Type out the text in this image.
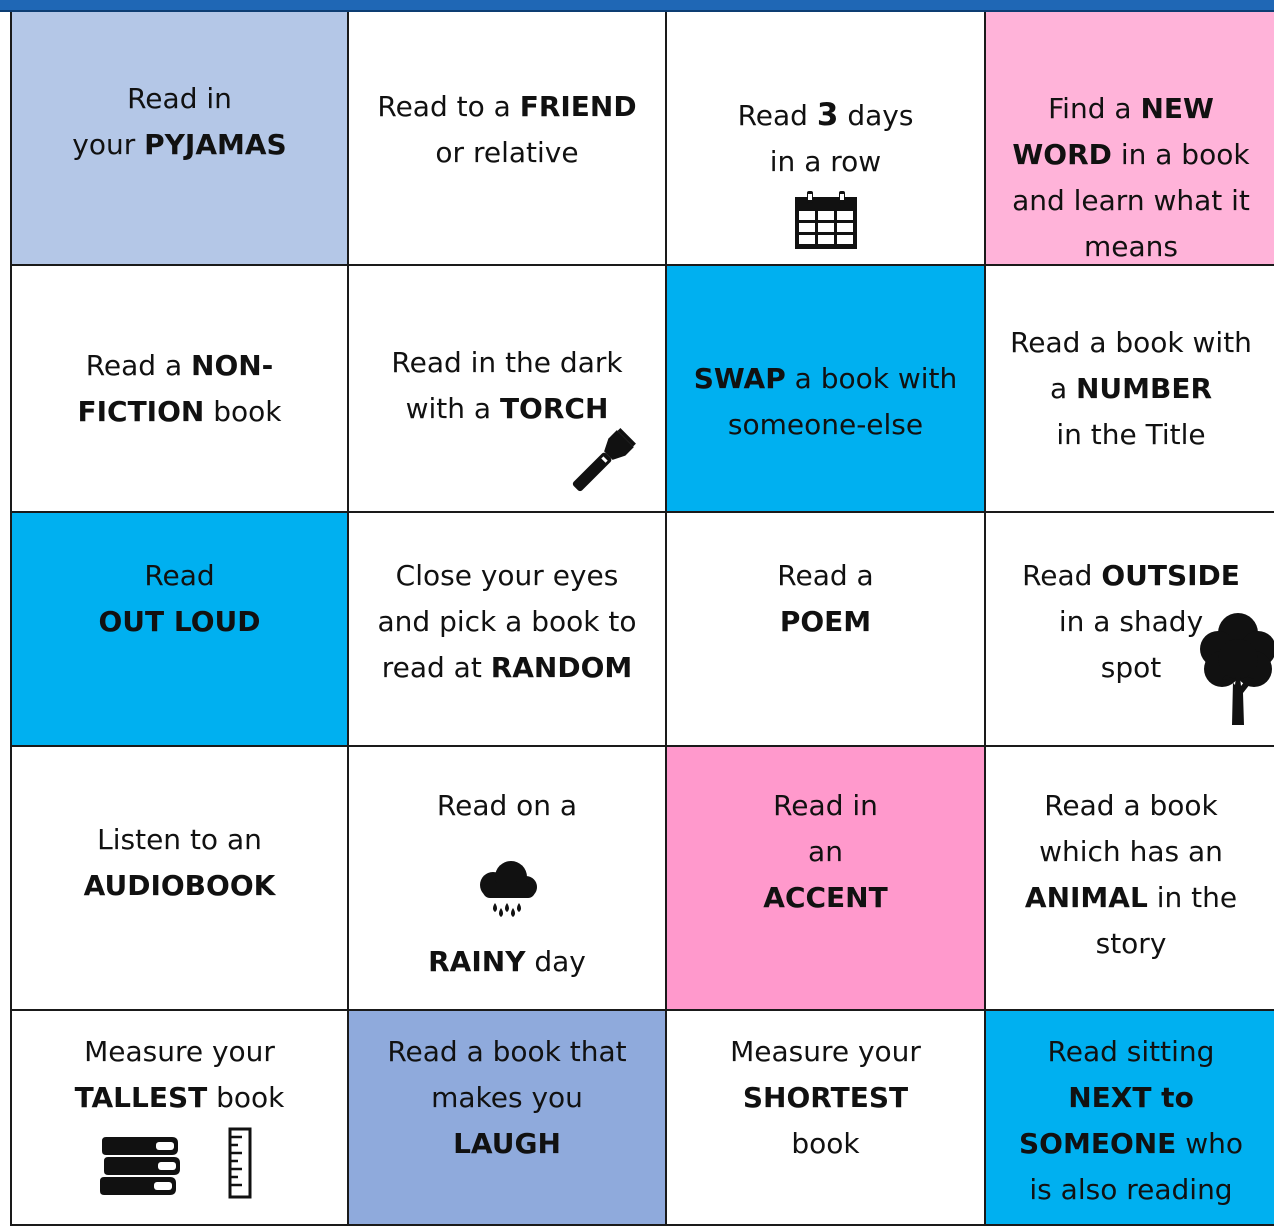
Read in
your PYJAMAS
Read to a FRIEND
or relative
Read 3 days
in a row
Find a NEW
WORD in a book
and learn what it
means
Read a NON-
FICTION book
Read in the dark
with a TORCH
SWAP a book with
someone-else
Read a book with
a NUMBER
in the Title
Read
OUT LOUD
Close your eyes
and pick a book to
read at RANDOM
Read a
POEM
Read OUTSIDE
in a shady
spot
Listen to an
AUDIOBOOK
Read on a
RAINY day
Read in
an
ACCENT
Read a book
which has an
ANIMAL in the
story
Measure your
TALLEST book
Read a book that
makes you
LAUGH
Measure your
SHORTEST
book
Read sitting
NEXT to
SOMEONE who
is also reading
